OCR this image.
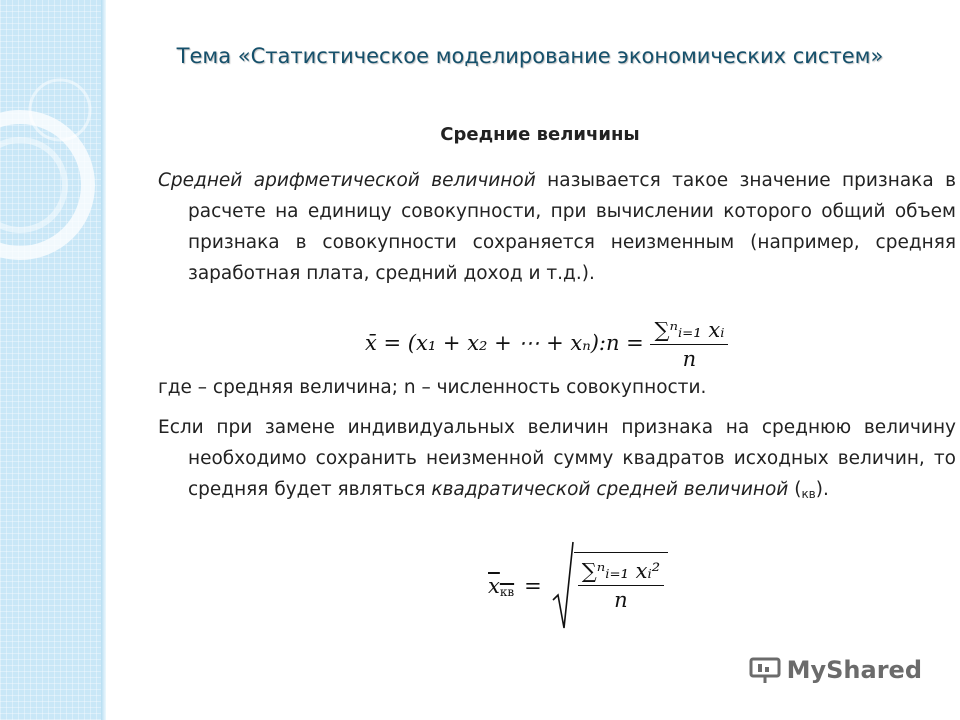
Тема «Статистическое моделирование экономических систем»
Средние величины
Средней арифметической величиной называется такое значение признака в расчете на единицу совокупности, при вычислении которого общий объем признака в совокупности сохраняется неизменным (например, средняя заработная плата, средний доход и т.д.).
x̄ = (x₁ + x₂ + ⋯ + xₙ):n = $\frac{\text{∑ⁿᵢ₌₁ xᵢ}}{n}$
где – средняя величина; n – численность совокупности.
Если при замене индивидуальных величин признака на среднюю величину необходимо сохранить неизменной сумму квадратов исходных величин, то средняя будет являться квадратической средней величиной $(_{кв})$.
$x_{кв} = \frac{\text{∑ⁿᵢ₌₁ xᵢ²}}{n}$
MyShared
